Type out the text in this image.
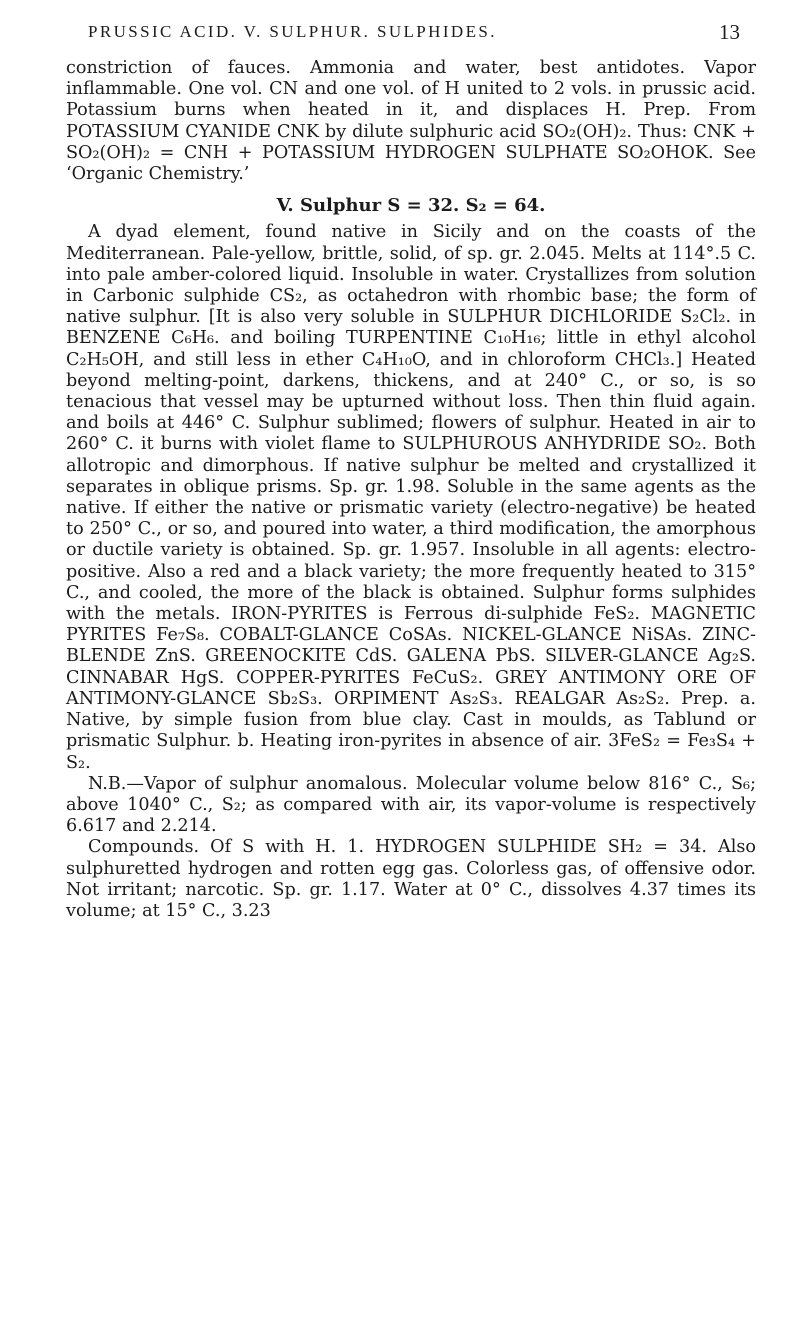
PRUSSIC ACID. V. SULPHUR. SULPHIDES.	13

constriction of fauces. Ammonia and water, best antidotes. Vapor inflammable. One vol. CN and one vol. of H united to 2 vols. in prussic acid. Potassium burns when heated in it, and displaces H. Prep. From POTASSIUM CYANIDE CNK by dilute sulphuric acid SO₂(OH)₂. Thus: CNK + SO₂(OH)₂ = CNH + POTASSIUM HYDROGEN SULPHATE SO₂OHOK. See ‘Organic Chemistry.’

V. Sulphur S = 32. S₂ = 64.

A dyad element, found native in Sicily and on the coasts of the Mediterranean. Pale-yellow, brittle, solid, of sp. gr. 2.045. Melts at 114°.5 C. into pale amber-colored liquid. Insoluble in water. Crystallizes from solution in Carbonic sulphide CS₂, as octahedron with rhombic base; the form of native sulphur. [It is also very soluble in SULPHUR DICHLORIDE S₂Cl₂. in BENZENE C₆H₆. and boiling TURPENTINE C₁₀H₁₆; little in ethyl alcohol C₂H₅OH, and still less in ether C₄H₁₀O, and in chloroform CHCl₃.] Heated beyond melting-point, darkens, thickens, and at 240° C., or so, is so tenacious that vessel may be upturned without loss. Then thin fluid again. and boils at 446° C. Sulphur sublimed; flowers of sulphur. Heated in air to 260° C. it burns with violet flame to SULPHUROUS ANHYDRIDE SO₂. Both allotropic and dimorphous. If native sulphur be melted and crystallized it separates in oblique prisms. Sp. gr. 1.98. Soluble in the same agents as the native. If either the native or prismatic variety (electro-negative) be heated to 250° C., or so, and poured into water, a third modification, the amorphous or ductile variety is obtained. Sp. gr. 1.957. Insoluble in all agents: electro-positive. Also a red and a black variety; the more frequently heated to 315° C., and cooled, the more of the black is obtained. Sulphur forms sulphides with the metals. IRON-PYRITES is Ferrous di-sulphide FeS₂. MAGNETIC PYRITES Fe₇S₈. COBALT-GLANCE CoSAs. NICKEL-GLANCE NiSAs. ZINC-BLENDE ZnS. GREENOCKITE CdS. GALENA PbS. SILVER-GLANCE Ag₂S. CINNABAR HgS. COPPER-PYRITES FeCuS₂. GREY ANTIMONY ORE OF ANTIMONY-GLANCE Sb₂S₃. ORPIMENT As₂S₃. REALGAR As₂S₂. Prep. a. Native, by simple fusion from blue clay. Cast in moulds, as Tablund or prismatic Sulphur. b. Heating iron-pyrites in absence of air. 3FeS₂ = Fe₃S₄ + S₂.

N.B.—Vapor of sulphur anomalous. Molecular volume below 816° C., S₆; above 1040° C., S₂; as compared with air, its vapor-volume is respectively 6.617 and 2.214.

Compounds. Of S with H. 1. HYDROGEN SULPHIDE SH₂ = 34. Also sulphuretted hydrogen and rotten egg gas. Colorless gas, of offensive odor. Not irritant; narcotic. Sp. gr. 1.17. Water at 0° C., dissolves 4.37 times its volume; at 15° C., 3.23
